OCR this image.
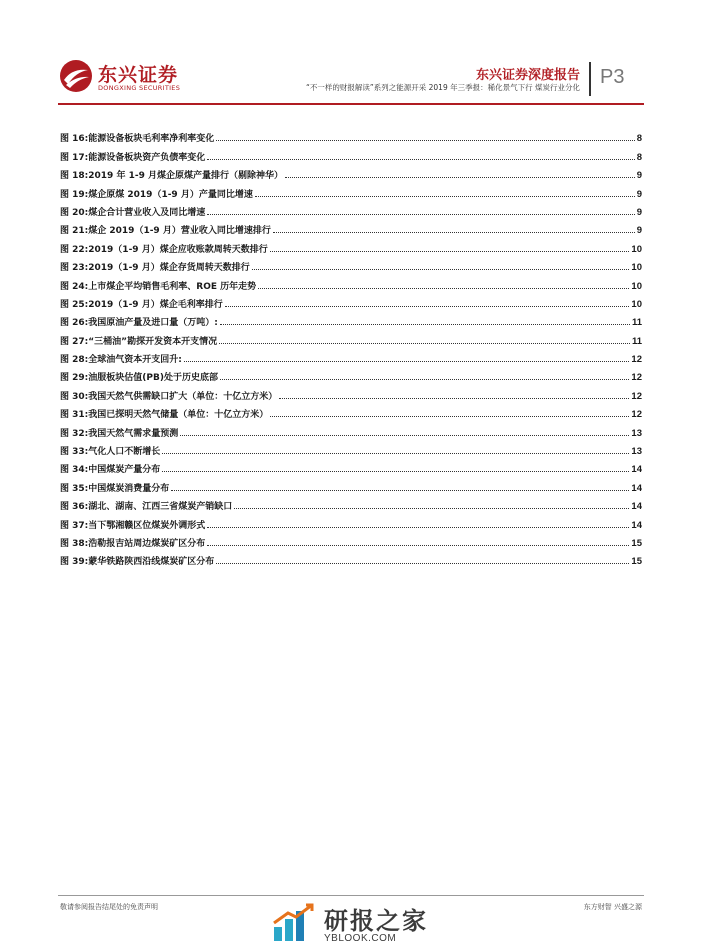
东兴证券
DONGXING SECURITIES
东兴证券深度报告
“不一样的财报解读”系列之能源开采 2019 年三季报：稀化景气下行 煤炭行业分化 P3
图 16:能源设备板块毛利率净利率变化	8
图 17:能源设备板块资产负债率变化	8
图 18:2019 年 1-9 月煤企原煤产量排行（剔除神华）	9
图 19:煤企原煤 2019（1-9 月）产量同比增速	9
图 20:煤企合计营业收入及同比增速	9
图 21:煤企 2019（1-9 月）营业收入同比增速排行	9
图 22:2019（1-9 月）煤企应收账款周转天数排行	10
图 23:2019（1-9 月）煤企存货周转天数排行	10
图 24:上市煤企平均销售毛利率、ROE 历年走势	10
图 25:2019（1-9 月）煤企毛利率排行	10
图 26:我国原油产量及进口量（万吨）:	11
图 27:“三桶油”勘探开发资本开支情况	11
图 28:全球油气资本开支回升:	12
图 29:油服板块估值(PB)处于历史底部	12
图 30:我国天然气供需缺口扩大（单位：十亿立方米）	12
图 31:我国已探明天然气储量（单位：十亿立方米）	12
图 32:我国天然气需求量预测	13
图 33:气化人口不断增长	13
图 34:中国煤炭产量分布	14
图 35:中国煤炭消费量分布	14
图 36:湖北、湖南、江西三省煤炭产销缺口	14
图 37:当下鄂湘赣区位煤炭外调形式	14
图 38:浩勒报吉站周边煤炭矿区分布	15
图 39:蒙华铁路陕西沿线煤炭矿区分布	15
敬请参阅报告结尾处的免责声明	东方财智 兴盛之源
研报之家
YBLOOK.COM
